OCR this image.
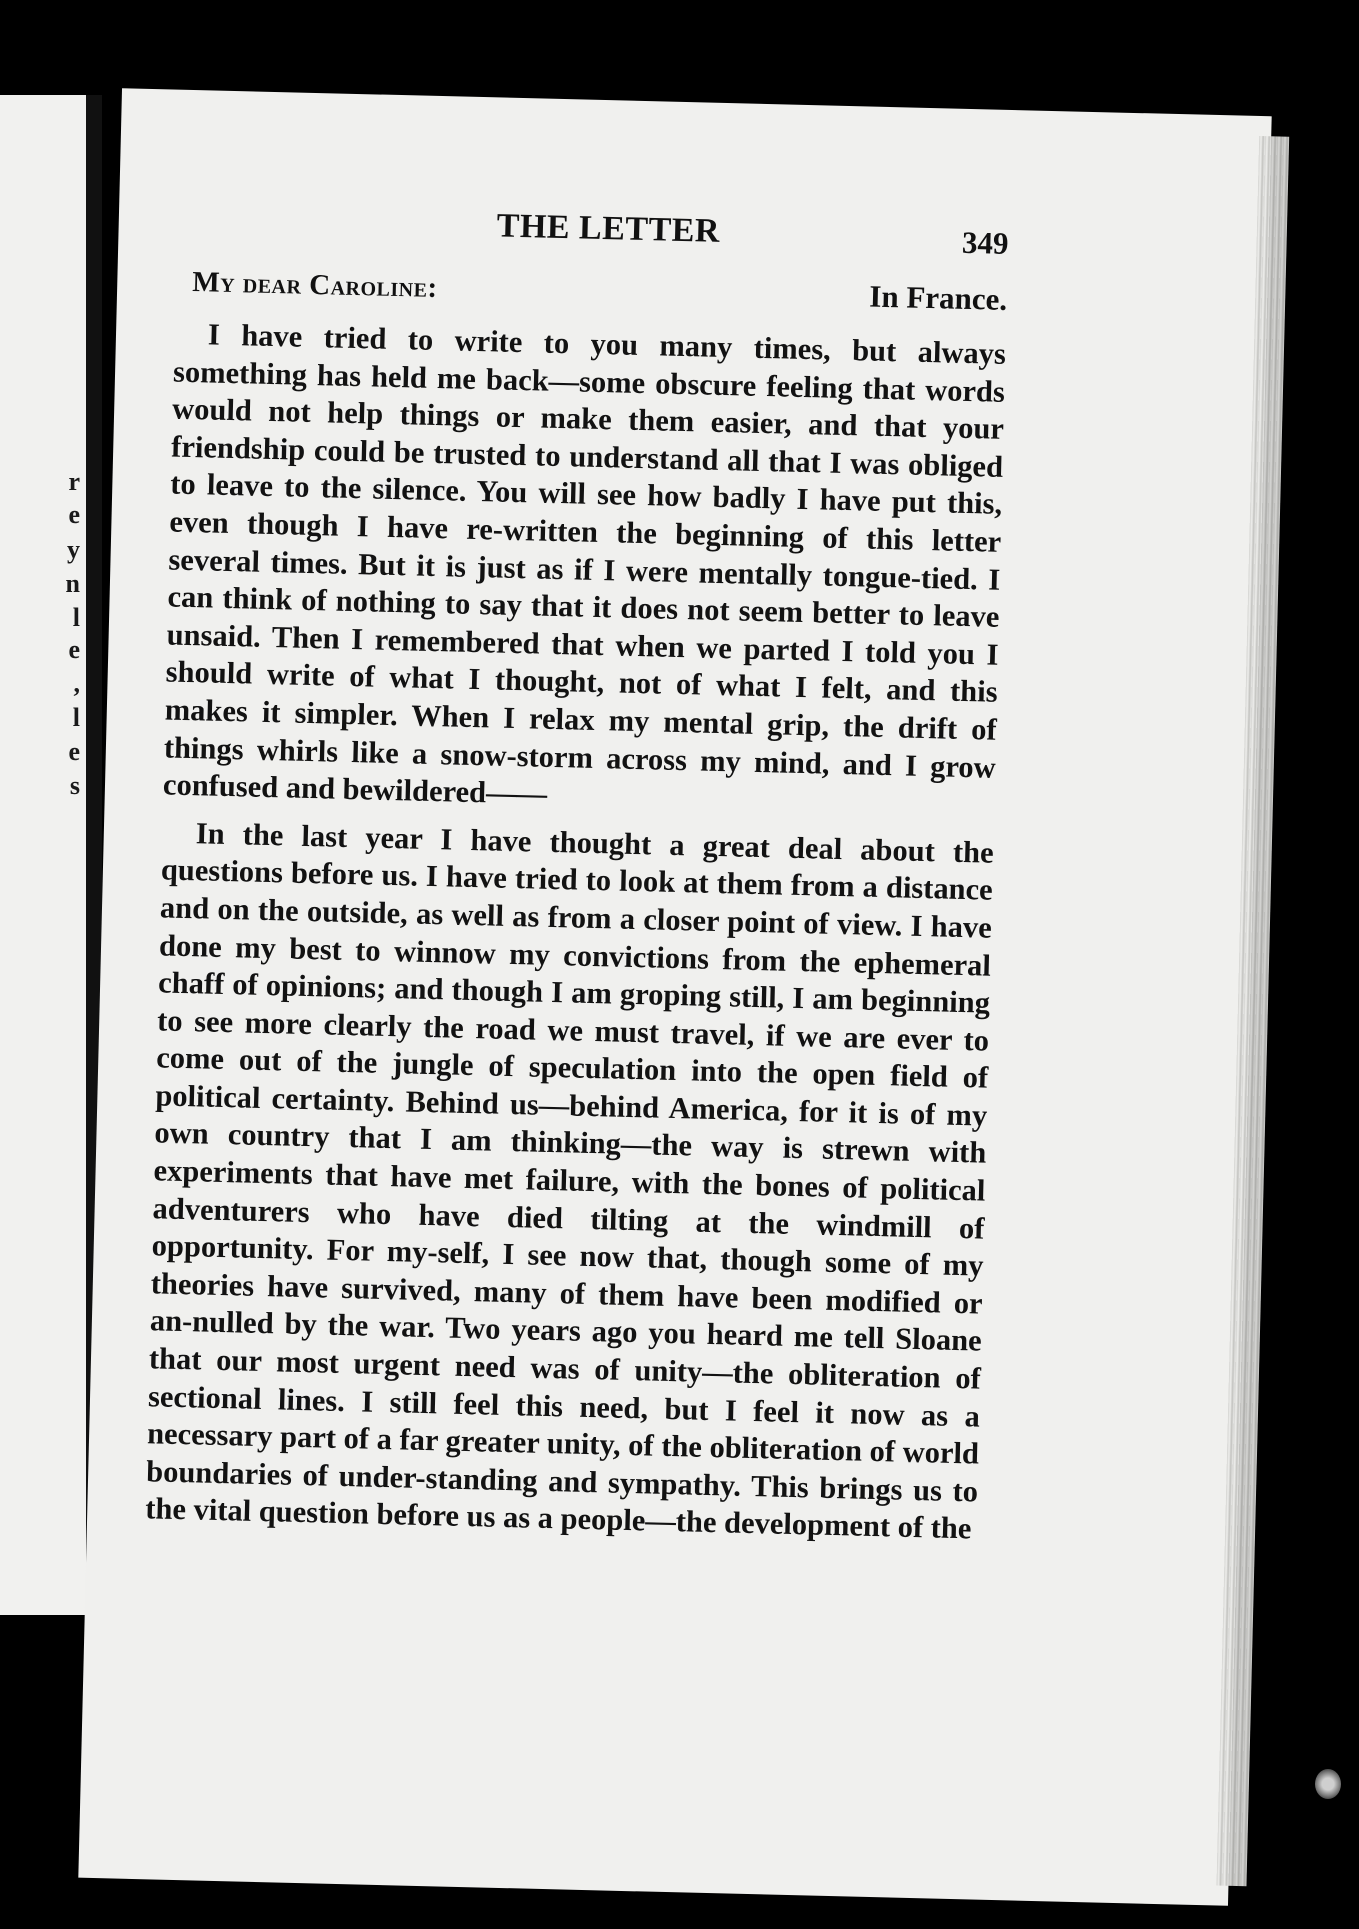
r
e
y
n
l
e
,
l
e
s
THE LETTER	349
My dear Caroline:	In France.

I have tried to write to you many times, but always something has held me back—some obscure feeling that words would not help things or make them easier, and that your friendship could be trusted to understand all that I was obliged to leave to the silence. You will see how badly I have put this, even though I have re-written the beginning of this letter several times. But it is just as if I were mentally tongue-tied. I can think of nothing to say that it does not seem better to leave unsaid. Then I remembered that when we parted I told you I should write of what I thought, not of what I felt, and this makes it simpler. When I relax my mental grip, the drift of things whirls like a snow-storm across my mind, and I grow confused and bewildered——

In the last year I have thought a great deal about the questions before us. I have tried to look at them from a distance and on the outside, as well as from a closer point of view. I have done my best to winnow my convictions from the ephemeral chaff of opinions; and though I am groping still, I am beginning to see more clearly the road we must travel, if we are ever to come out of the jungle of speculation into the open field of political certainty. Behind us—behind America, for it is of my own country that I am thinking—the way is strewn with experiments that have met failure, with the bones of political adventurers who have died tilting at the windmill of opportunity. For my-self, I see now that, though some of my theories have survived, many of them have been modified or an-nulled by the war. Two years ago you heard me tell Sloane that our most urgent need was of unity—the obliteration of sectional lines. I still feel this need, but I feel it now as a necessary part of a far greater unity, of the obliteration of world boundaries of under-standing and sympathy. This brings us to the vital question before us as a people—the development of the
